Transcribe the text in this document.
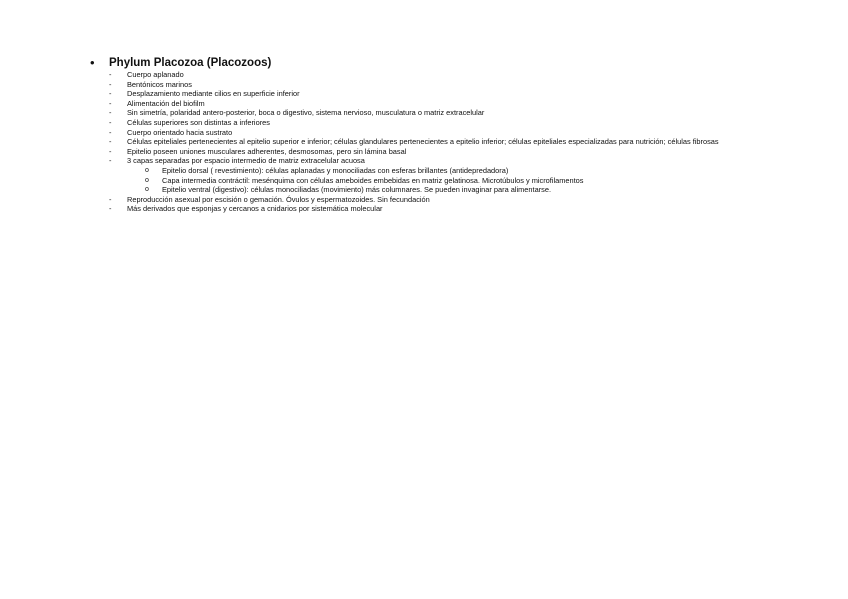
•	Phylum Placozoa (Placozoos)
-	Cuerpo aplanado
-	Bentónicos marinos
-	Desplazamiento mediante cilios en superficie inferior
-	Alimentación del biofilm
-	Sin simetría, polaridad antero-posterior, boca o digestivo, sistema nervioso, musculatura o matriz extracelular
-	Células superiores son distintas a inferiores
-	Cuerpo orientado hacia sustrato
-	Células epiteliales pertenecientes al epitelio superior e inferior; células glandulares pertenecientes a epitelio inferior; células epiteliales especializadas para nutrición; células fibrosas
-	Epitelio poseen uniones musculares adherentes, desmosomas, pero sin lámina basal
-	3 capas separadas por espacio intermedio de matriz extracelular acuosa
o	Epitelio dorsal ( revestimiento): células aplanadas y monociliadas con esferas brillantes (antidepredadora)
o	Capa intermedia contráctil: mesénquima con células ameboides embebidas en matriz gelatinosa. Microtúbulos y microfilamentos
o	Epitelio ventral (digestivo): células monociliadas (movimiento) más columnares. Se pueden invaginar para alimentarse.
-	Reproducción asexual por escisión o gemación. Óvulos y espermatozoides. Sin fecundación
-	Más derivados que esponjas y cercanos a cnidarios por sistemática molecular
